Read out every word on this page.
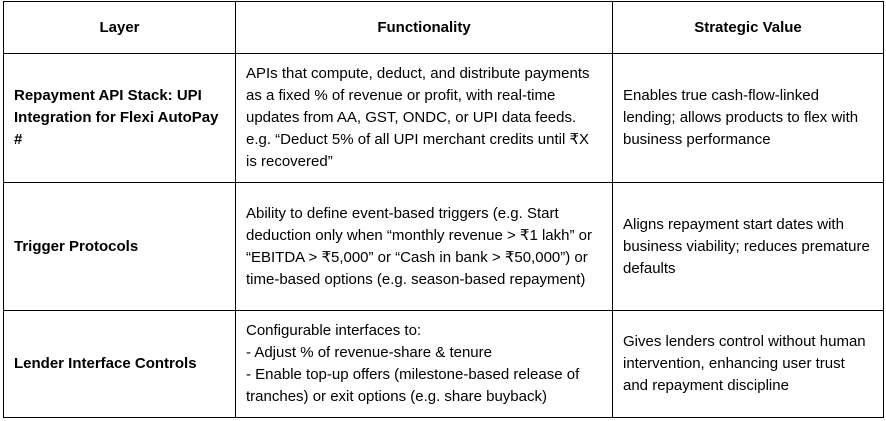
Layer	Functionality	Strategic Value
Repayment API Stack: UPI Integration for Flexi AutoPay #	APIs that compute, deduct, and distribute payments as a fixed % of revenue or profit, with real-time updates from AA, GST, ONDC, or UPI data feeds. e.g. “Deduct 5% of all UPI merchant credits until ₹X is recovered”	Enables true cash-flow-linked lending; allows products to flex with business performance
Trigger Protocols	Ability to define event-based triggers (e.g. Start deduction only when “monthly revenue > ₹1 lakh” or “EBITDA > ₹5,000” or “Cash in bank > ₹50,000”) or time-based options (e.g. season-based repayment)	Aligns repayment start dates with business viability; reduces premature defaults
Lender Interface Controls	Configurable interfaces to:
- Adjust % of revenue-share & tenure
- Enable top-up offers (milestone-based release of tranches) or exit options (e.g. share buyback)	Gives lenders control without human intervention, enhancing user trust and repayment discipline
